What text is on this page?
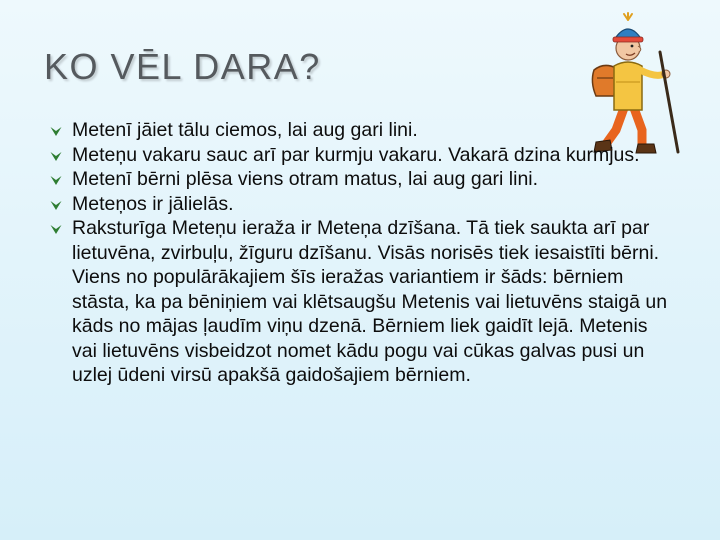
KO VĒL DARA?
Metenī jāiet tālu ciemos, lai aug gari lini.
Meteņu vakaru sauc arī par kurmju vakaru. Vakarā dzina kurmjus.
Metenī bērni plēsa viens otram matus, lai aug gari lini.
Meteņos ir jālielās.
Raksturīga Meteņu ieraža ir Meteņa dzīšana. Tā tiek saukta arī par lietuvēna, zvirbuļu, žīguru dzīšanu. Visās norisēs tiek iesaistīti bērni. Viens no populārākajiem šīs ieražas variantiem ir šāds: bērniem stāsta, ka pa bēniņiem vai klētsaugšu Metenis vai lietuvēns staigā un kāds no mājas ļaudīm viņu dzenā. Bērniem liek gaidīt lejā. Metenis vai lietuvēns visbeidzot nomet kādu pogu vai cūkas galvas pusi un uzlej ūdeni virsū apakšā gaidošajiem bērniem.
